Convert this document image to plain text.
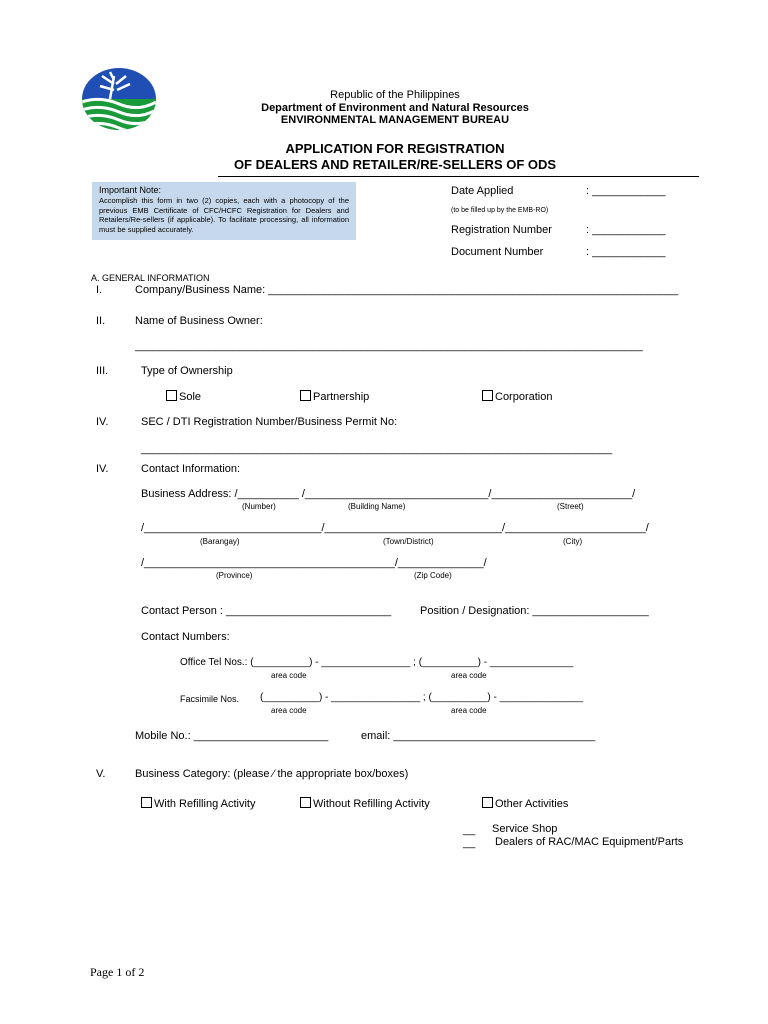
Republic of the Philippines
Department of Environment and Natural Resources
ENVIRONMENTAL MANAGEMENT BUREAU
APPLICATION FOR REGISTRATION
OF DEALERS AND RETAILER/RE-SELLERS OF ODS
Important Note:
Accomplish this form in two (2) copies, each with a photocopy of the previous EMB Certificate of CFC/HCFC Registration for Dealers and Retailers/Re-sellers (if applicable). To facilitate processing, all information must be supplied accurately.
Date Applied	: ____________
(to be filled up by the EMB-RO)
Registration Number	: ____________
Document Number	: ____________
A. GENERAL INFORMATION
I.	Company/Business Name: ___________________________________________________________________
II.	Name of Business Owner:
___________________________________________________________________________________
III.	Type of Ownership
Sole	Partnership	Corporation
IV.	SEC / DTI Registration Number/Business Permit No:
_____________________________________________________________________________
IV.	Contact Information:
Business Address: /__________ /______________________________/_______________________/
(Number)	(Building Name)	(Street)
/_____________________________/_____________________________/_______________________/
(Barangay)	(Town/District)	(City)
/_________________________________________/______________/
(Province)	(Zip Code)
Contact Person : ___________________________	Position / Designation: ___________________
Contact Numbers:
Office Tel Nos.: (__________) - ________________ ; (__________) - _______________
area code	area code
Facsimile Nos. (__________) - ________________ ; (__________) - _______________
area code	area code
Mobile No.: ______________________	email: _________________________________
V.	Business Category: (please ⁄ the appropriate box/boxes)
With Refilling Activity	Without Refilling Activity	Other Activities
__ Service Shop
__ Dealers of RAC/MAC Equipment/Parts
Page 1 of 2
